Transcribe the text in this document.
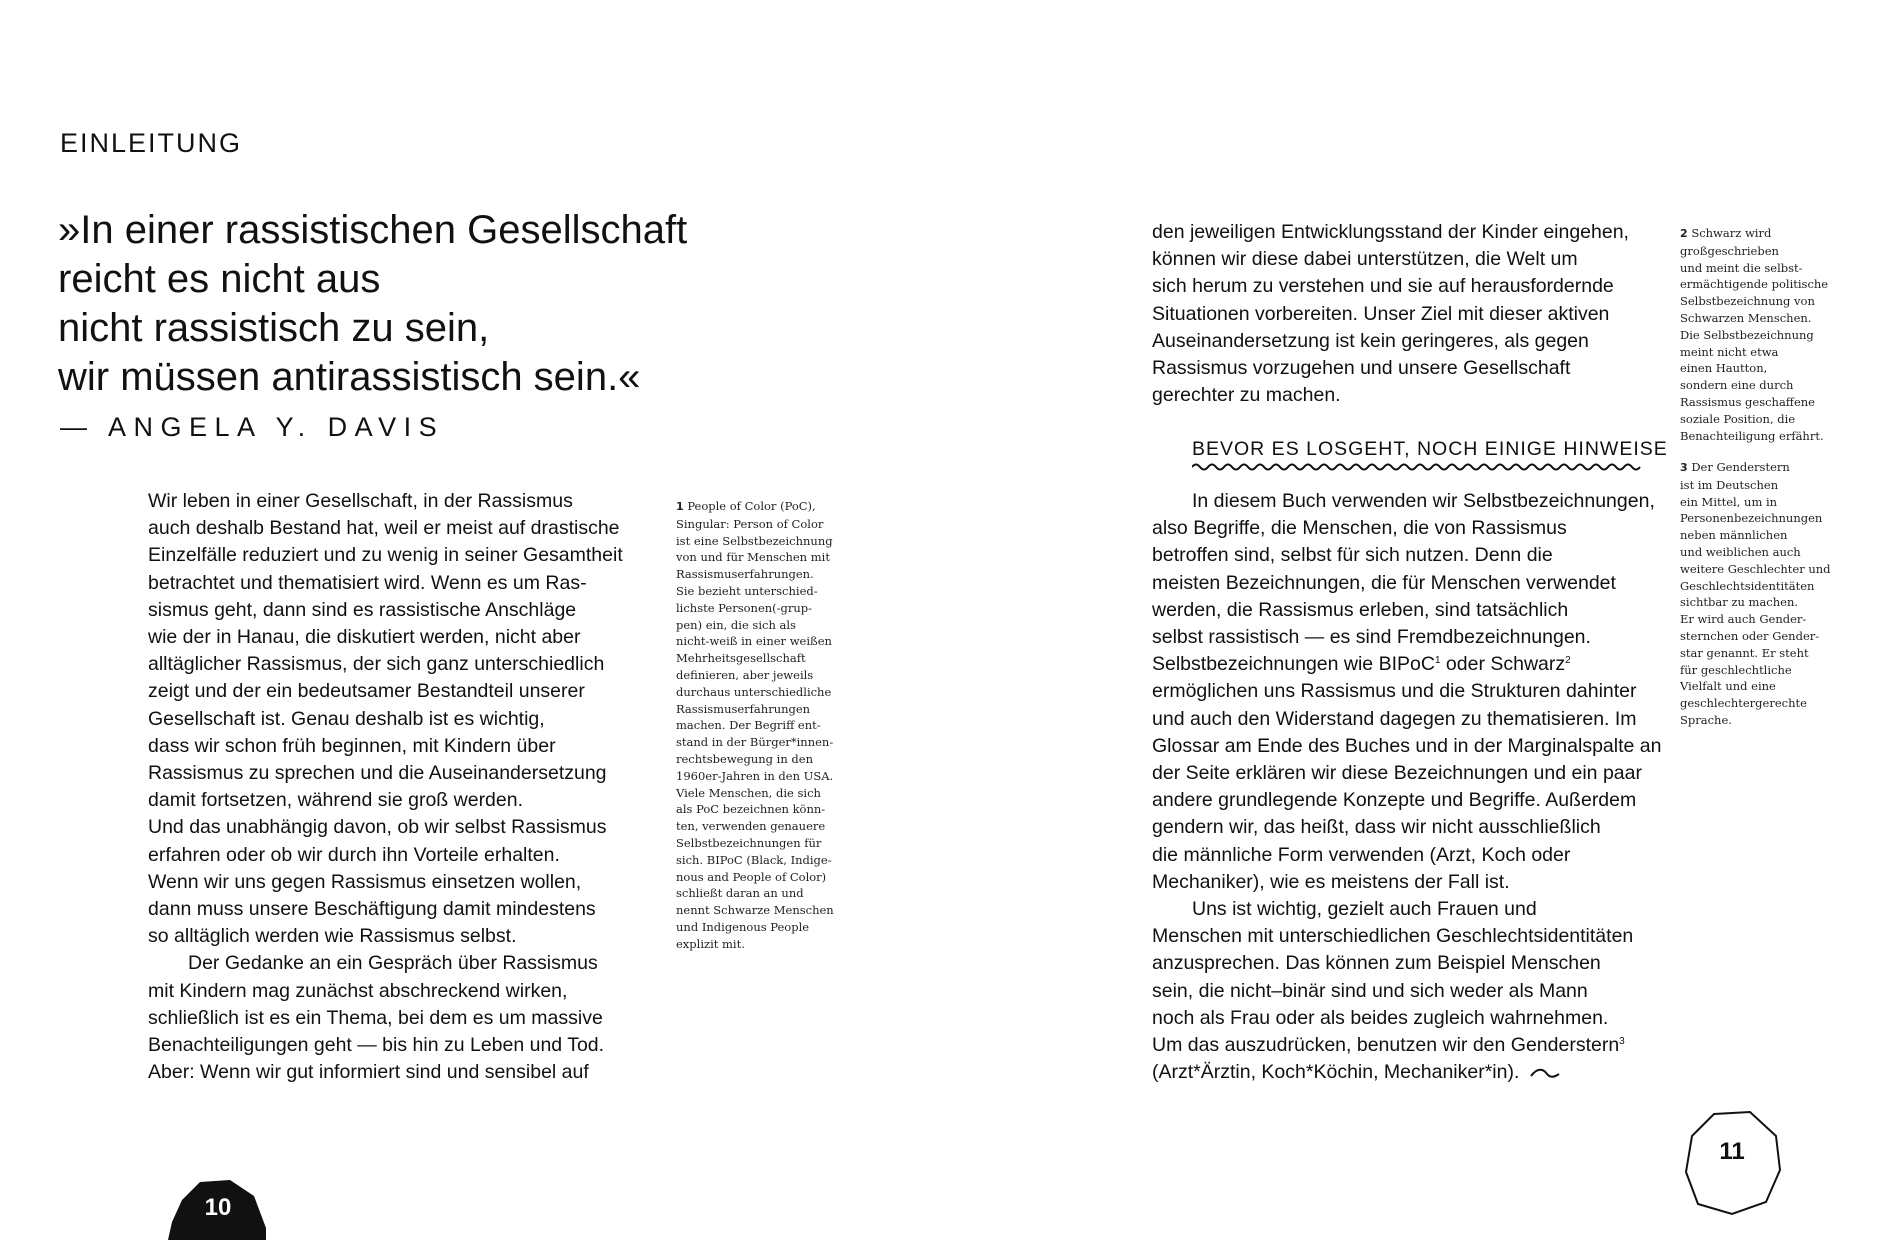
EINLEITUNG
»In einer rassistischen Gesellschaft
reicht es nicht aus
nicht rassistisch zu sein,
wir müssen antirassistisch sein.«
— ANGELA Y. DAVIS
Wir leben in einer Gesellschaft, in der Rassismus
auch deshalb Bestand hat, weil er meist auf drastische
Einzelfälle reduziert und zu wenig in seiner Gesamtheit
betrachtet und thematisiert wird. Wenn es um Ras-
sismus geht, dann sind es rassistische Anschläge
wie der in Hanau, die diskutiert werden, nicht aber
alltäglicher Rassismus, der sich ganz unterschiedlich
zeigt und der ein bedeutsamer Bestandteil unserer
Gesellschaft ist. Genau deshalb ist es wichtig,
dass wir schon früh beginnen, mit Kindern über
Rassismus zu sprechen und die Auseinandersetzung
damit fortsetzen, während sie groß werden.
Und das unabhängig davon, ob wir selbst Rassismus
erfahren oder ob wir durch ihn Vorteile erhalten.
Wenn wir uns gegen Rassismus einsetzen wollen,
dann muss unsere Beschäftigung damit mindestens
so alltäglich werden wie Rassismus selbst.
Der Gedanke an ein Gespräch über Rassismus
mit Kindern mag zunächst abschreckend wirken,
schließlich ist es ein Thema, bei dem es um massive
Benachteiligungen geht — bis hin zu Leben und Tod.
Aber: Wenn wir gut informiert sind und sensibel auf
1 People of Color (PoC),
Singular: Person of Color
ist eine Selbstbezeichnung
von und für Menschen mit
Rassismuserfahrungen.
Sie bezieht unterschied-
lichste Personen(-grup-
pen) ein, die sich als
nicht-weiß in einer weißen
Mehrheitsgesellschaft
definieren, aber jeweils
durchaus unterschiedliche
Rassismuserfahrungen
machen. Der Begriff ent-
stand in der Bürger*innen-
rechtsbewegung in den
1960er-Jahren in den USA.
Viele Menschen, die sich
als PoC bezeichnen könn-
ten, verwenden genauere
Selbstbezeichnungen für
sich. BIPoC (Black, Indige-
nous and People of Color)
schließt daran an und
nennt Schwarze Menschen
und Indigenous People
explizit mit.
10
den jeweiligen Entwicklungsstand der Kinder eingehen,
können wir diese dabei unterstützen, die Welt um
sich herum zu verstehen und sie auf herausfordernde
Situationen vorbereiten. Unser Ziel mit dieser aktiven
Auseinandersetzung ist kein geringeres, als gegen
Rassismus vorzugehen und unsere Gesellschaft
gerechter zu machen.
BEVOR ES LOSGEHT, NOCH EINIGE HINWEISE
In diesem Buch verwenden wir Selbstbezeichnungen,
also Begriffe, die Menschen, die von Rassismus
betroffen sind, selbst für sich nutzen. Denn die
meisten Bezeichnungen, die für Menschen verwendet
werden, die Rassismus erleben, sind tatsächlich
selbst rassistisch — es sind Fremdbezeichnungen.
Selbstbezeichnungen wie BIPoC$^1$ oder Schwarz$^2$
ermöglichen uns Rassismus und die Strukturen dahinter
und auch den Widerstand dagegen zu thematisieren. Im
Glossar am Ende des Buches und in der Marginalspalte an
der Seite erklären wir diese Bezeichnungen und ein paar
andere grundlegende Konzepte und Begriffe. Außerdem
gendern wir, das heißt, dass wir nicht ausschließlich
die männliche Form verwenden (Arzt, Koch oder
Mechaniker), wie es meistens der Fall ist.
Uns ist wichtig, gezielt auch Frauen und
Menschen mit unterschiedlichen Geschlechtsidentitäten
anzusprechen. Das können zum Beispiel Menschen
sein, die nicht–binär sind und sich weder als Mann
noch als Frau oder als beides zugleich wahrnehmen.
Um das auszudrücken, benutzen wir den Genderstern$^3$
(Arzt*Ärztin, Koch*Köchin, Mechaniker*in).
2 Schwarz wird
großgeschrieben
und meint die selbst-
ermächtigende politische
Selbstbezeichnung von
Schwarzen Menschen.
Die Selbstbezeichnung
meint nicht etwa
einen Hautton,
sondern eine durch
Rassismus geschaffene
soziale Position, die
Benachteiligung erfährt.
3 Der Genderstern
ist im Deutschen
ein Mittel, um in
Personenbezeichnungen
neben männlichen
und weiblichen auch
weitere Geschlechter und
Geschlechtsidentitäten
sichtbar zu machen.
Er wird auch Gender-
sternchen oder Gender-
star genannt. Er steht
für geschlechtliche
Vielfalt und eine
geschlechtergerechte
Sprache.
11
